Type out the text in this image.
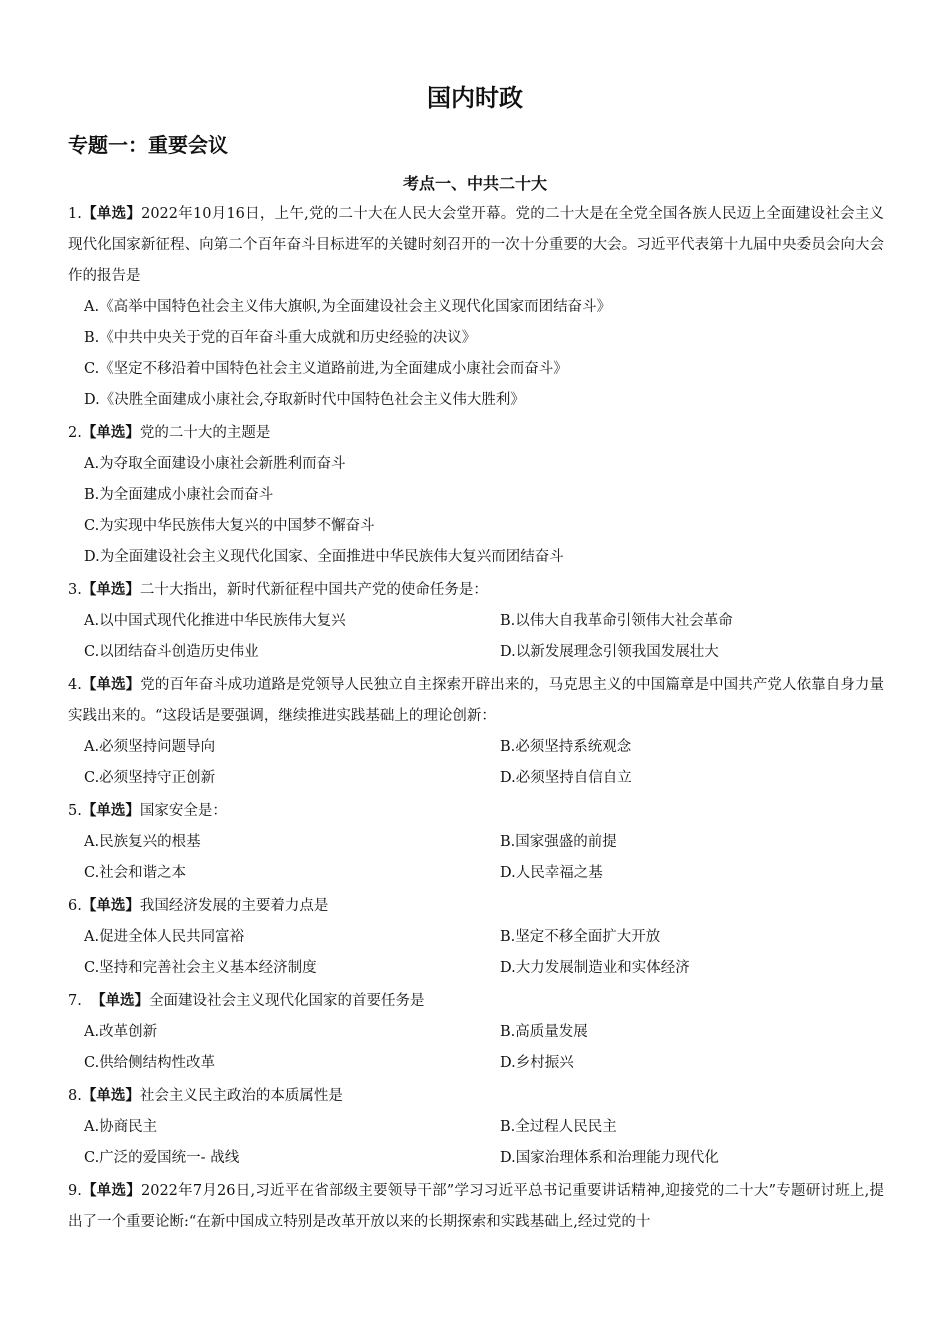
国内时政
专题一：重要会议
考点一、中共二十大
1.【单选】2022年10月16日，上午,党的二十大在人民大会堂开幕。党的二十大是在全党全国各族人民迈上全面建设社会主义现代化国家新征程、向第二个百年奋斗目标进军的关键时刻召开的一次十分重要的大会。习近平代表第十九届中央委员会向大会作的报告是
A.《高举中国特色社会主义伟大旗帜,为全面建设社会主义现代化国家而团结奋斗》
B.《中共中央关于党的百年奋斗重大成就和历史经验的决议》
C.《坚定不移沿着中国特色社会主义道路前进,为全面建成小康社会而奋斗》
D.《决胜全面建成小康社会,夺取新时代中国特色社会主义伟大胜利》
2.【单选】党的二十大的主题是
A.为夺取全面建设小康社会新胜利而奋斗
B.为全面建成小康社会而奋斗
C.为实现中华民族伟大复兴的中国梦不懈奋斗
D.为全面建设社会主义现代化国家、全面推进中华民族伟大复兴而团结奋斗
3.【单选】二十大指出，新时代新征程中国共产党的使命任务是：
A.以中国式现代化推进中华民族伟大复兴	B.以伟大自我革命引领伟大社会革命
C.以团结奋斗创造历史伟业	D.以新发展理念引领我国发展壮大
4.【单选】党的百年奋斗成功道路是党领导人民独立自主探索开辟出来的，马克思主义的中国篇章是中国共产党人依靠自身力量实践出来的。“这段话是要强调，继续推进实践基础上的理论创新：
A.必须坚持问题导向	B.必须坚持系统观念
C.必须坚持守正创新	D.必须坚持自信自立
5.【单选】国家安全是：
A.民族复兴的根基	B.国家强盛的前提
C.社会和谐之本	D.人民幸福之基
6.【单选】我国经济发展的主要着力点是
A.促进全体人民共同富裕	B.坚定不移全面扩大开放
C.坚持和完善社会主义基本经济制度	D.大力发展制造业和实体经济
7.  【单选】全面建设社会主义现代化国家的首要任务是
A.改革创新	B.高质量发展
C.供给侧结构性改革	D.乡村振兴
8.【单选】社会主义民主政治的本质属性是
A.协商民主	B.全过程人民民主
C.广泛的爱国统一- 战线	D.国家治理体系和治理能力现代化
9.【单选】2022年7月26日,习近平在省部级主要领导干部”学习习近平总书记重要讲话精神,迎接党的二十大”专题研讨班上,提出了一个重要论断:“在新中国成立特别是改革开放以来的长期探索和实践基础上,经过党的十
